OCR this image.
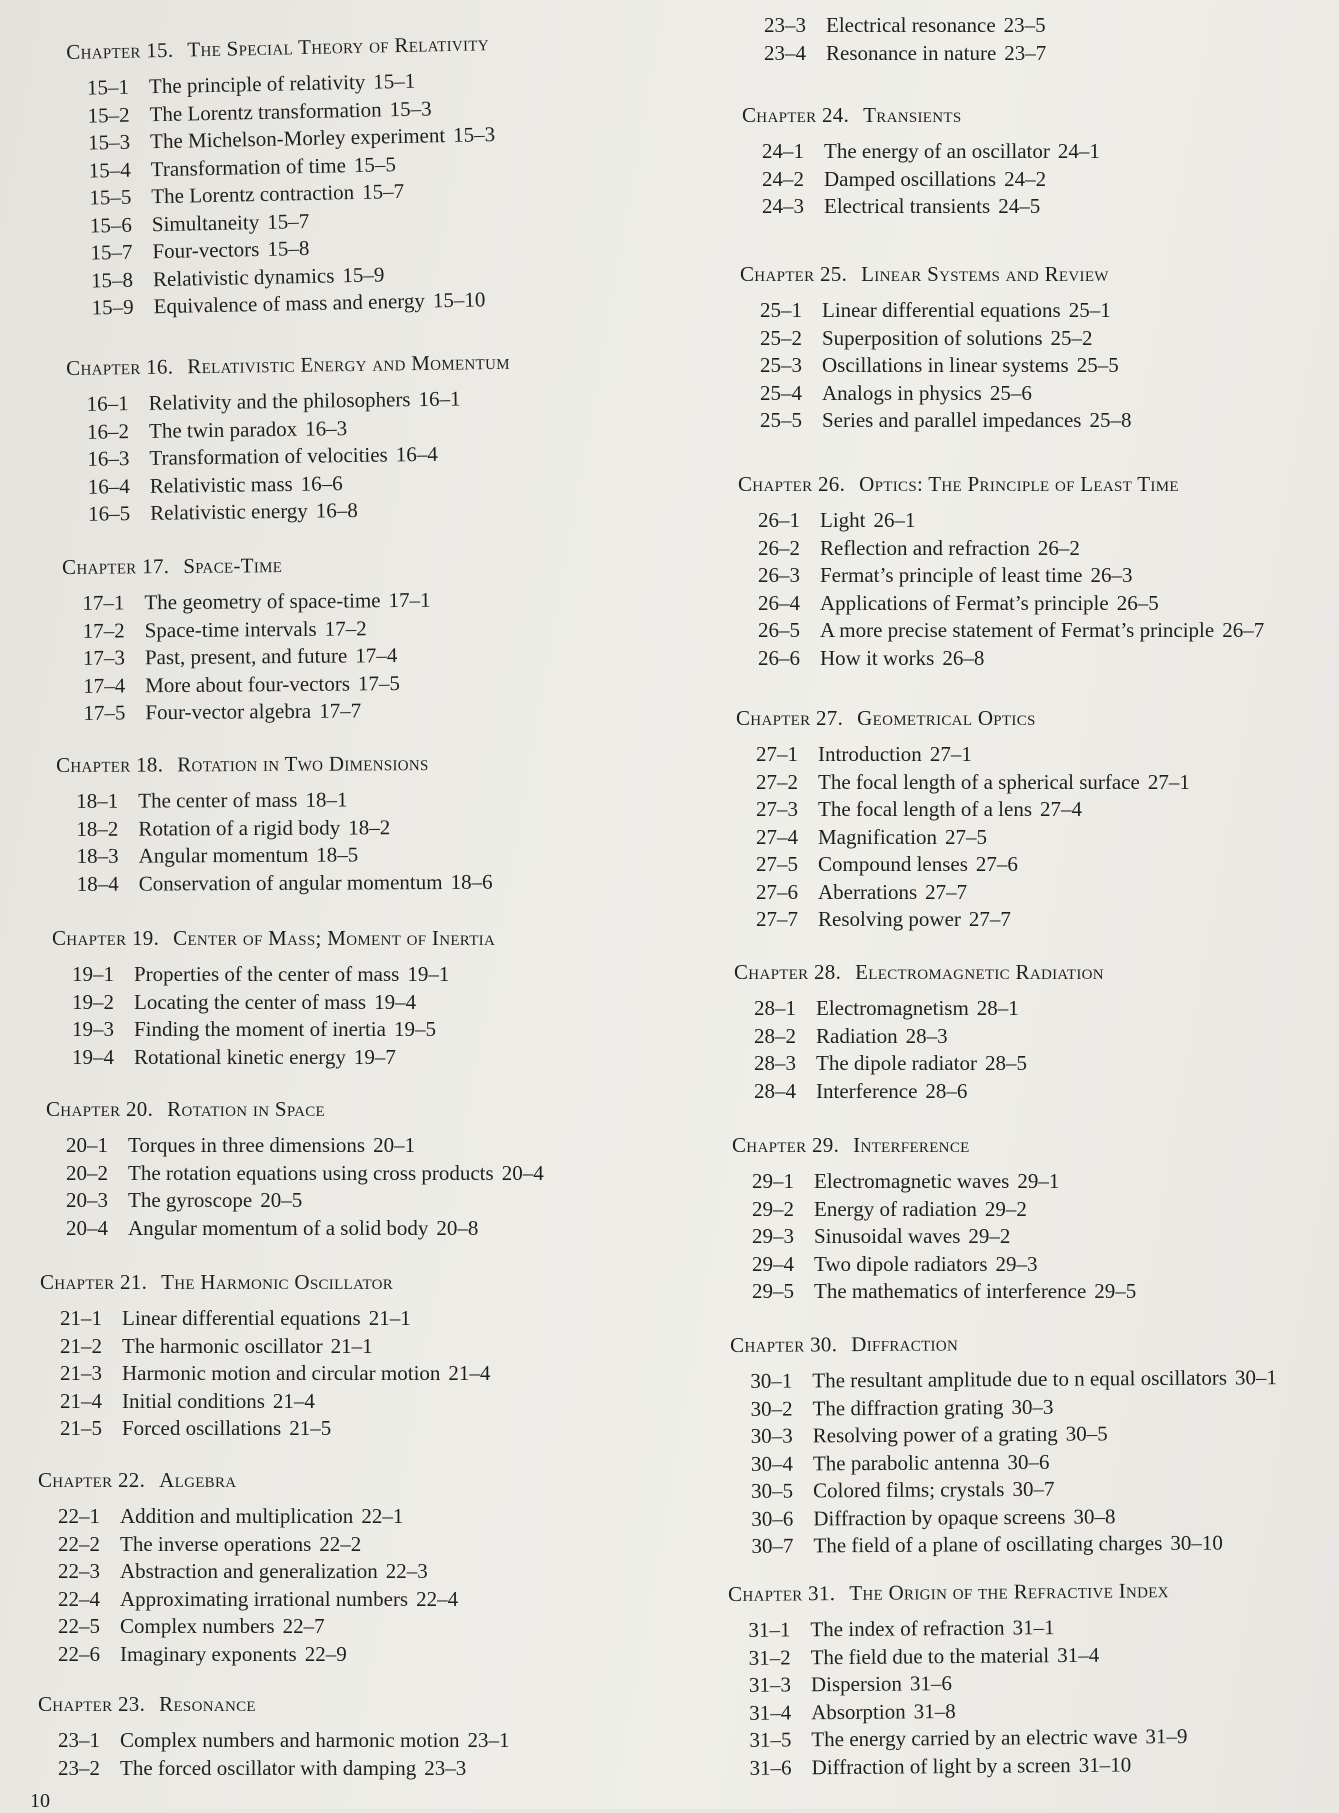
Chapter 15. The Special Theory of Relativity
15–1 The principle of relativity 15–1
15–2 The Lorentz transformation 15–3
15–3 The Michelson-Morley experiment 15–3
15–4 Transformation of time 15–5
15–5 The Lorentz contraction 15–7
15–6 Simultaneity 15–7
15–7 Four-vectors 15–8
15–8 Relativistic dynamics 15–9
15–9 Equivalence of mass and energy 15–10
Chapter 16. Relativistic Energy and Momentum
16–1 Relativity and the philosophers 16–1
16–2 The twin paradox 16–3
16–3 Transformation of velocities 16–4
16–4 Relativistic mass 16–6
16–5 Relativistic energy 16–8
Chapter 17. Space-Time
17–1 The geometry of space-time 17–1
17–2 Space-time intervals 17–2
17–3 Past, present, and future 17–4
17–4 More about four-vectors 17–5
17–5 Four-vector algebra 17–7
Chapter 18. Rotation in Two Dimensions
18–1 The center of mass 18–1
18–2 Rotation of a rigid body 18–2
18–3 Angular momentum 18–5
18–4 Conservation of angular momentum 18–6
Chapter 19. Center of Mass; Moment of Inertia
19–1 Properties of the center of mass 19–1
19–2 Locating the center of mass 19–4
19–3 Finding the moment of inertia 19–5
19–4 Rotational kinetic energy 19–7
Chapter 20. Rotation in Space
20–1 Torques in three dimensions 20–1
20–2 The rotation equations using cross products 20–4
20–3 The gyroscope 20–5
20–4 Angular momentum of a solid body 20–8
Chapter 21. The Harmonic Oscillator
21–1 Linear differential equations 21–1
21–2 The harmonic oscillator 21–1
21–3 Harmonic motion and circular motion 21–4
21–4 Initial conditions 21–4
21–5 Forced oscillations 21–5
Chapter 22. Algebra
22–1 Addition and multiplication 22–1
22–2 The inverse operations 22–2
22–3 Abstraction and generalization 22–3
22–4 Approximating irrational numbers 22–4
22–5 Complex numbers 22–7
22–6 Imaginary exponents 22–9
23–3 Electrical resonance 23–5
23–4 Resonance in nature 23–7
Chapter 23. Resonance
23–1 Complex numbers and harmonic motion 23–1
23–2 The forced oscillator with damping 23–3
Chapter 24. Transients
24–1 The energy of an oscillator 24–1
24–2 Damped oscillations 24–2
24–3 Electrical transients 24–5
Chapter 25. Linear Systems and Review
25–1 Linear differential equations 25–1
25–2 Superposition of solutions 25–2
25–3 Oscillations in linear systems 25–5
25–4 Analogs in physics 25–6
25–5 Series and parallel impedances 25–8
Chapter 26. Optics: The Principle of Least Time
26–1 Light 26–1
26–2 Reflection and refraction 26–2
26–3 Fermat’s principle of least time 26–3
26–4 Applications of Fermat’s principle 26–5
26–5 A more precise statement of Fermat’s principle 26–7
26–6 How it works 26–8
Chapter 27. Geometrical Optics
27–1 Introduction 27–1
27–2 The focal length of a spherical surface 27–1
27–3 The focal length of a lens 27–4
27–4 Magnification 27–5
27–5 Compound lenses 27–6
27–6 Aberrations 27–7
27–7 Resolving power 27–7
Chapter 28. Electromagnetic Radiation
28–1 Electromagnetism 28–1
28–2 Radiation 28–3
28–3 The dipole radiator 28–5
28–4 Interference 28–6
Chapter 29. Interference
29–1 Electromagnetic waves 29–1
29–2 Energy of radiation 29–2
29–3 Sinusoidal waves 29–2
29–4 Two dipole radiators 29–3
29–5 The mathematics of interference 29–5
Chapter 30. Diffraction
30–1 The resultant amplitude due to n equal oscillators 30–1
30–2 The diffraction grating 30–3
30–3 Resolving power of a grating 30–5
30–4 The parabolic antenna 30–6
30–5 Colored films; crystals 30–7
30–6 Diffraction by opaque screens 30–8
30–7 The field of a plane of oscillating charges 30–10
Chapter 31. The Origin of the Refractive Index
31–1 The index of refraction 31–1
31–2 The field due to the material 31–4
31–3 Dispersion 31–6
31–4 Absorption 31–8
31–5 The energy carried by an electric wave 31–9
31–6 Diffraction of light by a screen 31–10
10
